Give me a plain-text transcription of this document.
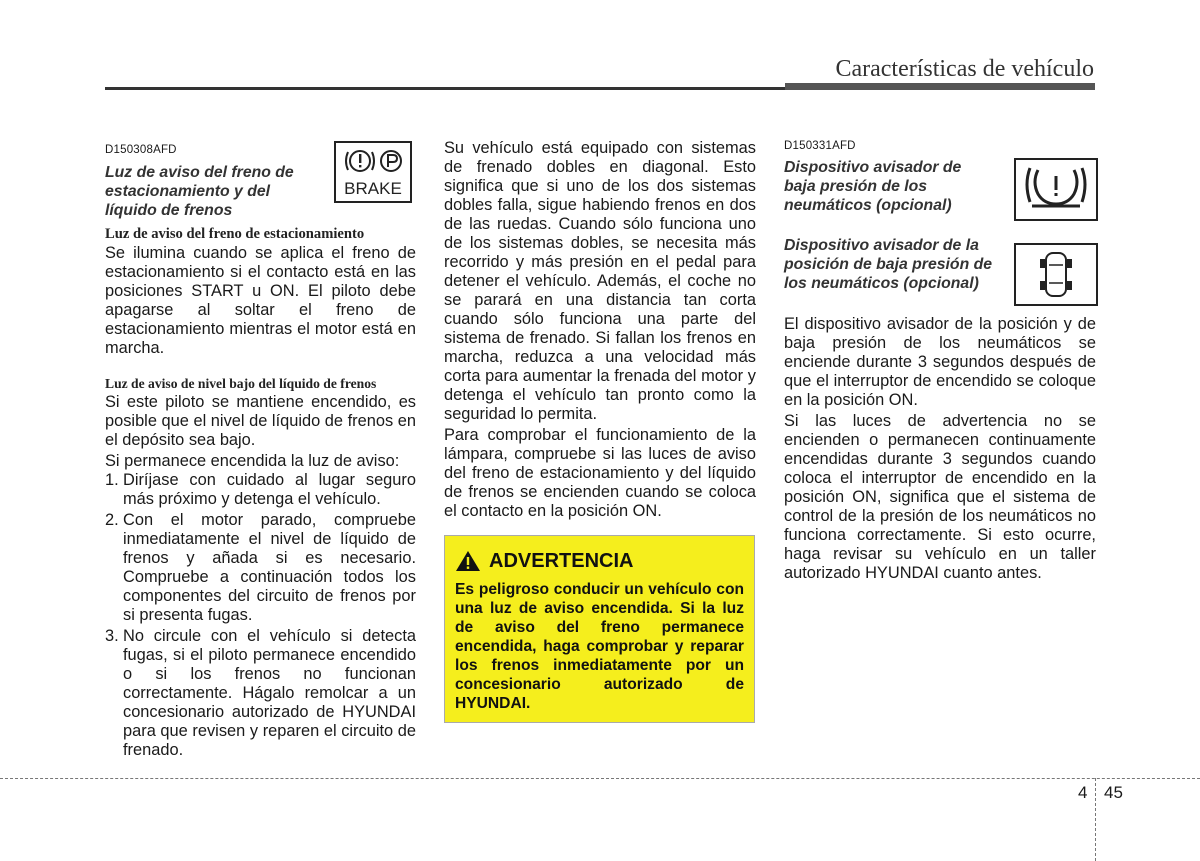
Características de vehículo
D150308AFD
Luz de aviso del freno de estacionamiento y del líquido de frenos
Luz de aviso del freno de estacionamiento

Se ilumina cuando se aplica el freno de estacionamiento si el contacto está en las posiciones START u ON. El piloto debe apagarse al soltar el freno de estacionamiento mientras el motor está en marcha.

Luz de aviso de nivel bajo del líquido de frenos

Si este piloto se mantiene encendido, es posible que el nivel de líquido de frenos en el depósito sea bajo.

Si permanece encendida la luz de aviso:

1. Diríjase con cuidado al lugar seguro más próximo y detenga el vehículo.
2. Con el motor parado, compruebe inmediatamente el nivel de líquido de frenos y añada si es necesario. Compruebe a continuación todos los componentes del circuito de frenos por si presenta fugas.
3. No circule con el vehículo si detecta fugas, si el piloto permanece encendido o si los frenos no funcionan correctamente. Hágalo remolcar a un concesionario autorizado de HYUNDAI para que revisen y reparen el circuito de frenado.
BRAKE

Su vehículo está equipado con sistemas de frenado dobles en diagonal. Esto significa que si uno de los dos sistemas dobles falla, sigue habiendo frenos en dos de las ruedas. Cuando sólo funciona uno de los sistemas dobles, se necesita más recorrido y más presión en el pedal para detener el vehículo. Además, el coche no se parará en una distancia tan corta cuando sólo funciona una parte del sistema de frenado. Si fallan los frenos en marcha, reduzca a una velocidad más corta para aumentar la frenada del motor y detenga el vehículo tan pronto como la seguridad lo permita.

Para comprobar el funcionamiento de la lámpara, compruebe si las luces de aviso del freno de estacionamiento y del líquido de frenos se encienden cuando se coloca el contacto en la posición ON.

ADVERTENCIA
Es peligroso conducir un vehículo con una luz de aviso encendida. Si la luz de aviso del freno permanece encendida, haga comprobar y reparar los frenos inmediatamente por un concesionario autorizado de HYUNDAI.
D150331AFD
Dispositivo avisador de baja presión de los neumáticos (opcional)
Dispositivo avisador de la posición de baja presión de los neumáticos (opcional)

El dispositivo avisador de la posición y de baja presión de los neumáticos se enciende durante 3 segundos después de que el interruptor de encendido se coloque en la posición ON.

Si las luces de advertencia no se encienden o permanecen continuamente encendidas durante 3 segundos cuando coloca el interruptor de encendido en la posición ON, significa que el sistema de control de la presión de los neumáticos no funciona correctamente. Si esto ocurre, haga revisar su vehículo en un taller autorizado HYUNDAI cuanto antes.

4 45
